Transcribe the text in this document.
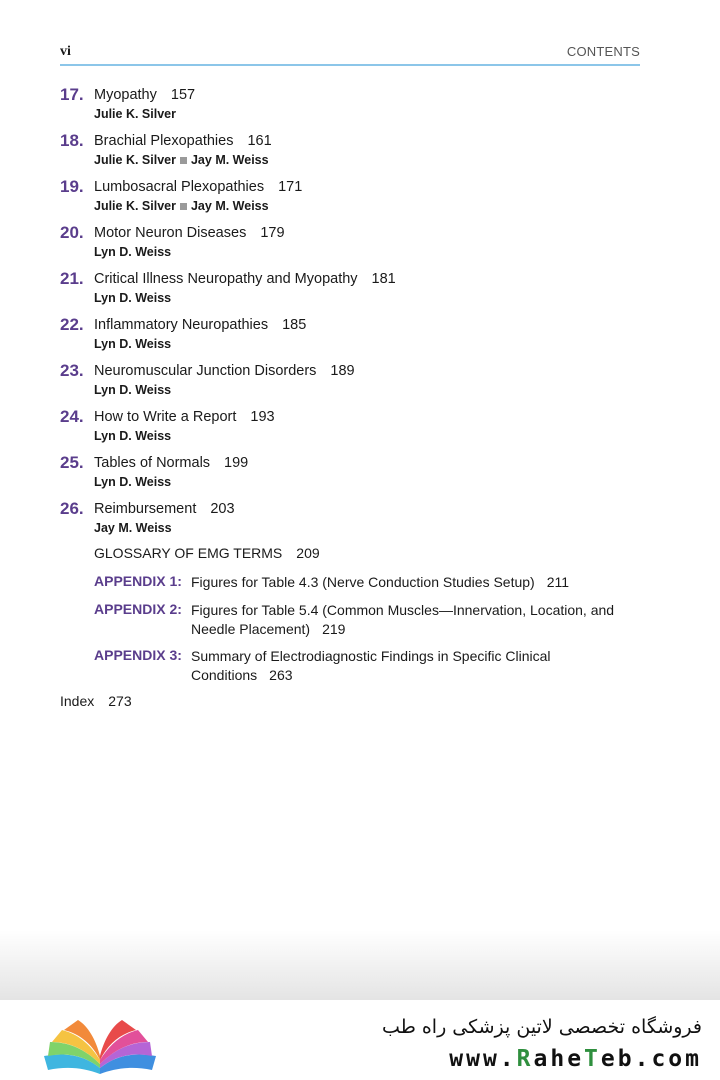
vi	CONTENTS
17. Myopathy 157
Julie K. Silver
18. Brachial Plexopathies 161
Julie K. Silver Jay M. Weiss
19. Lumbosacral Plexopathies 171
Julie K. Silver Jay M. Weiss
20. Motor Neuron Diseases 179
Lyn D. Weiss
21. Critical Illness Neuropathy and Myopathy 181
Lyn D. Weiss
22. Inflammatory Neuropathies 185
Lyn D. Weiss
23. Neuromuscular Junction Disorders 189
Lyn D. Weiss
24. How to Write a Report 193
Lyn D. Weiss
25. Tables of Normals 199
Lyn D. Weiss
26. Reimbursement 203
Jay M. Weiss
GLOSSARY OF EMG TERMS 209
APPENDIX 1: Figures for Table 4.3 (Nerve Conduction Studies Setup) 211
APPENDIX 2: Figures for Table 5.4 (Common Muscles—Innervation, Location, and Needle Placement) 219
APPENDIX 3: Summary of Electrodiagnostic Findings in Specific Clinical Conditions 263
Index 273
فروشگاه تخصصی لاتین پزشکی راه طب
www.RaheTeb.com
